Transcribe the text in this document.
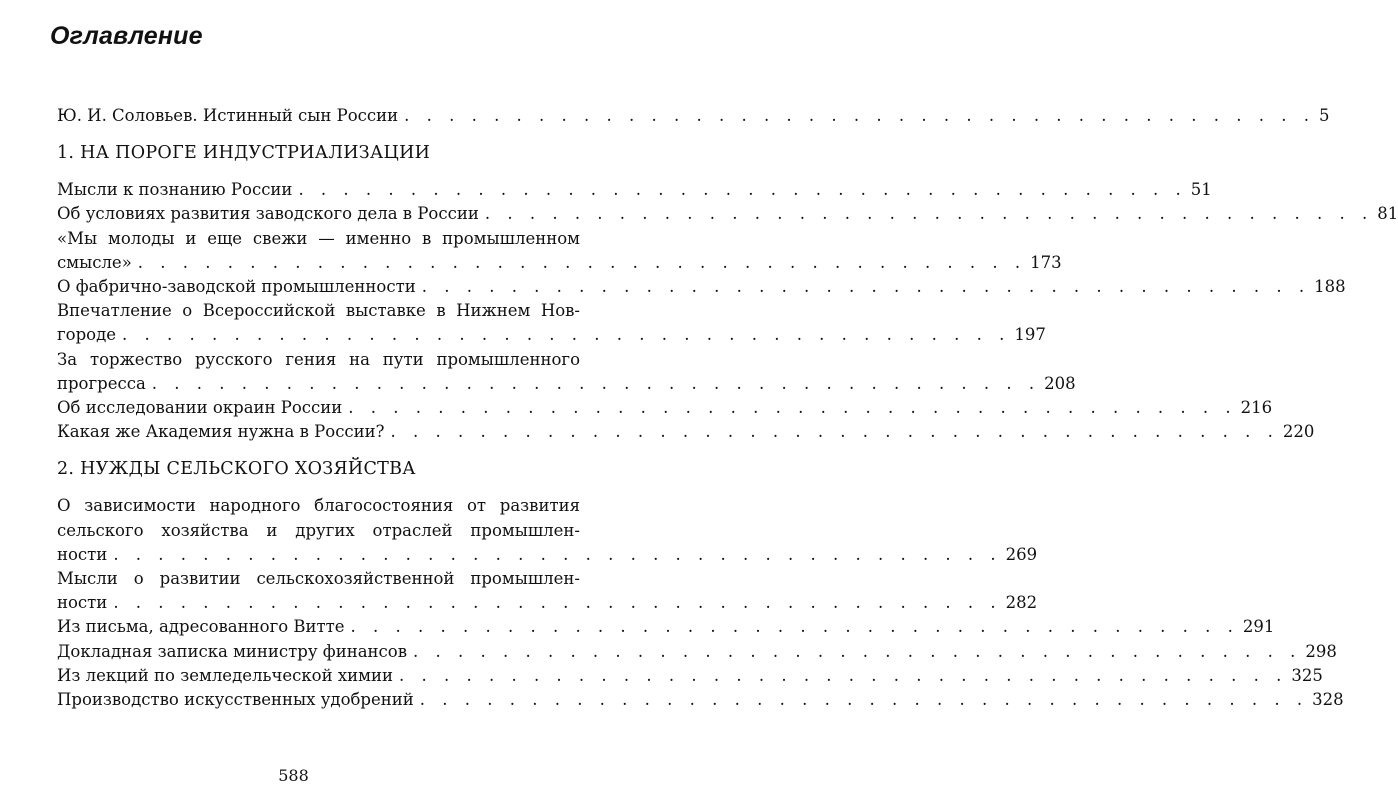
Оглавление
Ю. И. Соловьев. Истинный сын России . . . . . . . . . . . . . . . . . . . . . . . . . . . . . . . . . . . . . . . . . 5
1. НА ПОРОГЕ ИНДУСТРИАЛИЗАЦИИ
Мысли к познанию России . . . . . . . . . . . . . . . . . . . . . . . . . . . . . . . . . . . . . . . . 51
Об условиях развития заводского дела в России . . . . . . . . . . . . . . . . . . . . . . . . . . . . . . . . . . . . . . . . 81
«Мы молоды и еще свежи — именно в промышленном
смысле» . . . . . . . . . . . . . . . . . . . . . . . . . . . . . . . . . . . . . . . . 173
О фабрично-заводской промышленности . . . . . . . . . . . . . . . . . . . . . . . . . . . . . . . . . . . . . . . . 188
Впечатление о Всероссийской выставке в Нижнем Нов-
городе . . . . . . . . . . . . . . . . . . . . . . . . . . . . . . . . . . . . . . . . 197
За торжество русского гения на пути промышленного
прогресса . . . . . . . . . . . . . . . . . . . . . . . . . . . . . . . . . . . . . . . . 208
Об исследовании окраин России . . . . . . . . . . . . . . . . . . . . . . . . . . . . . . . . . . . . . . . . 216
Какая же Академия нужна в России? . . . . . . . . . . . . . . . . . . . . . . . . . . . . . . . . . . . . . . . . 220
2. НУЖДЫ СЕЛЬСКОГО ХОЗЯЙСТВА
О зависимости народного благосостояния от развития
сельского хозяйства и других отраслей промышлен-
ности . . . . . . . . . . . . . . . . . . . . . . . . . . . . . . . . . . . . . . . . 269
Мысли о развитии сельскохозяйственной промышлен-
ности . . . . . . . . . . . . . . . . . . . . . . . . . . . . . . . . . . . . . . . . 282
Из письма, адресованного Витте . . . . . . . . . . . . . . . . . . . . . . . . . . . . . . . . . . . . . . . . 291
Докладная записка министру финансов . . . . . . . . . . . . . . . . . . . . . . . . . . . . . . . . . . . . . . . . 298
Из лекций по земледельческой химии . . . . . . . . . . . . . . . . . . . . . . . . . . . . . . . . . . . . . . . . 325
Производство искусственных удобрений . . . . . . . . . . . . . . . . . . . . . . . . . . . . . . . . . . . . . . . . 328
588
